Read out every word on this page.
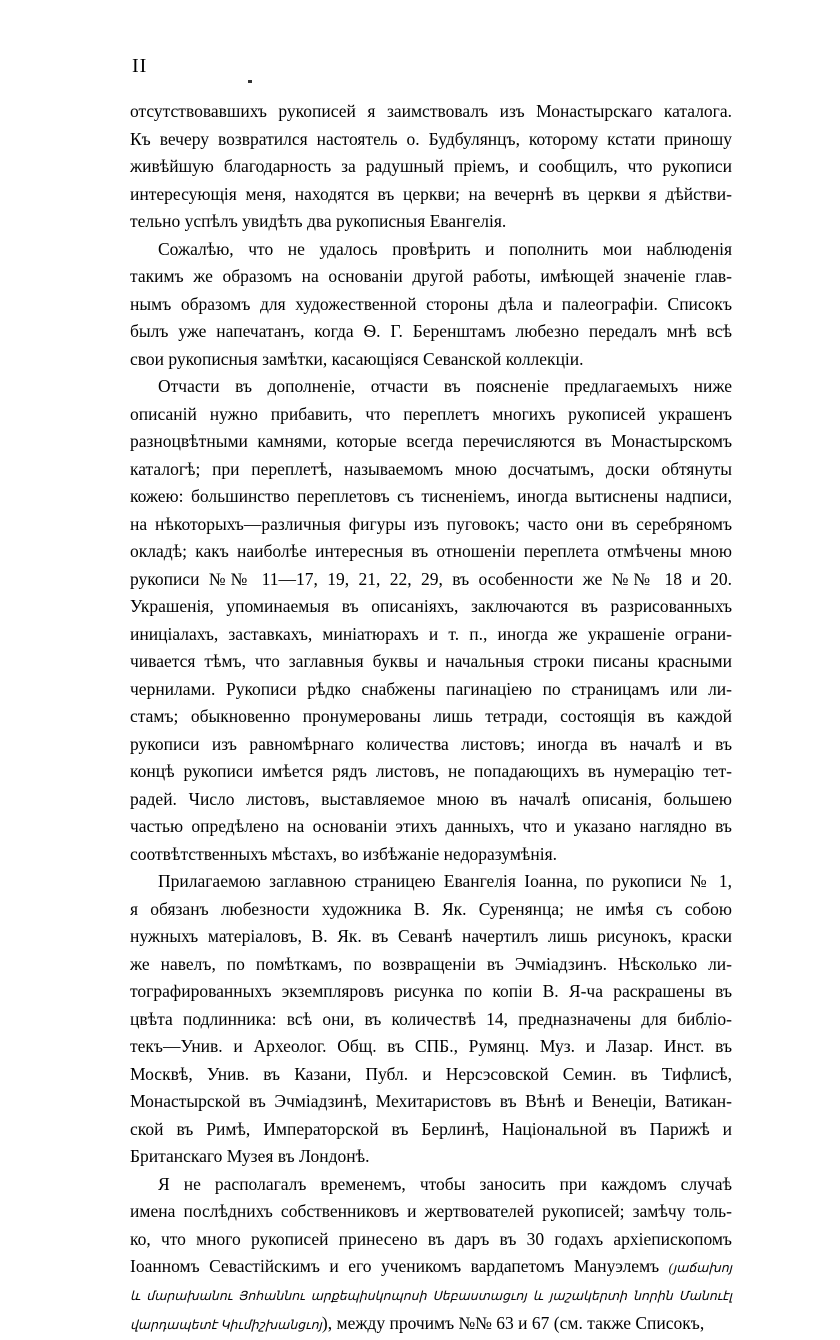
II

отсутствовавшихъ рукописей я заимствовалъ изъ Монастырскаго каталога.
Къ вечеру возвратился настоятель о. Будбулянцъ, которому кстати приношу
живѣйшую благодарность за радушный пріемъ, и сообщилъ, что рукописи
интересующія меня, находятся въ церкви; на вечернѣ въ церкви я дѣйстви-
тельно успѣлъ увидѣть два рукописныя Евангелія.

Сожалѣю, что не удалось провѣрить и пополнить мои наблюденія
такимъ же образомъ на основаніи другой работы, имѣющей значеніе глав-
нымъ образомъ для художественной стороны дѣла и палеографіи. Списокъ
былъ уже напечатанъ, когда Ѳ. Г. Беренштамъ любезно передалъ мнѣ всѣ
свои рукописныя замѣтки, касающіяся Севанской коллекціи.

Отчасти въ дополненіе, отчасти въ поясненіе предлагаемыхъ ниже
описаній нужно прибавить, что переплетъ многихъ рукописей украшенъ
разноцвѣтными камнями, которые всегда перечисляются въ Монастырскомъ
каталогѣ; при переплетѣ, называемомъ мною досчатымъ, доски обтянуты
кожею: большинство переплетовъ съ тисненіемъ, иногда вытиснены надписи,
на нѣкоторыхъ—различныя фигуры изъ пуговокъ; часто они въ серебряномъ
окладѣ; какъ наиболѣе интересныя въ отношеніи переплета отмѣчены мною
рукописи №№ 11—17, 19, 21, 22, 29, въ особенности же №№ 18 и 20.
Украшенія, упоминаемыя въ описаніяхъ, заключаются въ разрисованныхъ
иницiалахъ, заставкахъ, миніатюрахъ и т. п., иногда же украшеніе ограни-
чивается тѣмъ, что заглавныя буквы и начальныя строки писаны красными
чернилами. Рукописи рѣдко снабжены пагинаціею по страницамъ или ли-
стамъ; обыкновенно пронумерованы лишь тетради, состоящія въ каждой
рукописи изъ равномѣрнаго количества листовъ; иногда въ началѣ и въ
концѣ рукописи имѣется рядъ листовъ, не попадающихъ въ нумерацію тет-
радей. Число листовъ, выставляемое мною въ началѣ описанія, большею
частью опредѣлено на основаніи этихъ данныхъ, что и указано наглядно въ
соотвѣтственныхъ мѣстахъ, во избѣжаніе недоразумѣнія.

Прилагаемою заглавною страницею Евангелія Іоанна, по рукописи № 1,
я обязанъ любезности художника В. Як. Суренянца; не имѣя съ собою
нужныхъ матеріаловъ, В. Як. въ Севанѣ начертилъ лишь рисунокъ, краски
же навелъ, по помѣткамъ, по возвращеніи въ Эчміадзинъ. Нѣсколько ли-
тографированныхъ экземпляровъ рисунка по копіи В. Я-ча раскрашены въ
цвѣта подлинника: всѣ они, въ количествѣ 14, предназначены для библіо-
текъ—Унив. и Археолог. Общ. въ СПБ., Румянц. Муз. и Лазар. Инст. въ
Москвѣ, Унив. въ Казани, Публ. и Нерсэсовской Семин. въ Тифлисѣ,
Монастырской въ Эчміадзинѣ, Мехитаристовъ въ Вѣнѣ и Венеціи, Ватикан-
ской въ Римѣ, Императорской въ Берлинѣ, Національной въ Парижѣ и
Британскаго Музея въ Лондонѣ.

Я не располагалъ временемъ, чтобы заносить при каждомъ случаѣ
имена послѣднихъ собственниковъ и жертвователей рукописей; замѣчу толь-
ко, что много рукописей принесено въ даръ въ 30 годахъ архіепископомъ
Іоанномъ Севастійскимъ и его ученикомъ вардапетомъ Мануэлемъ (յաճախոյ
և մարախանու Յոհաննու արքեպիսկոպոսի Սեբաստացւոյ և յաշակերտի նորին Մանուէլ
վարդապետէ Կիւմիշխանցւոյ), между прочимъ №№ 63 и 67 (см. также Списокъ,
